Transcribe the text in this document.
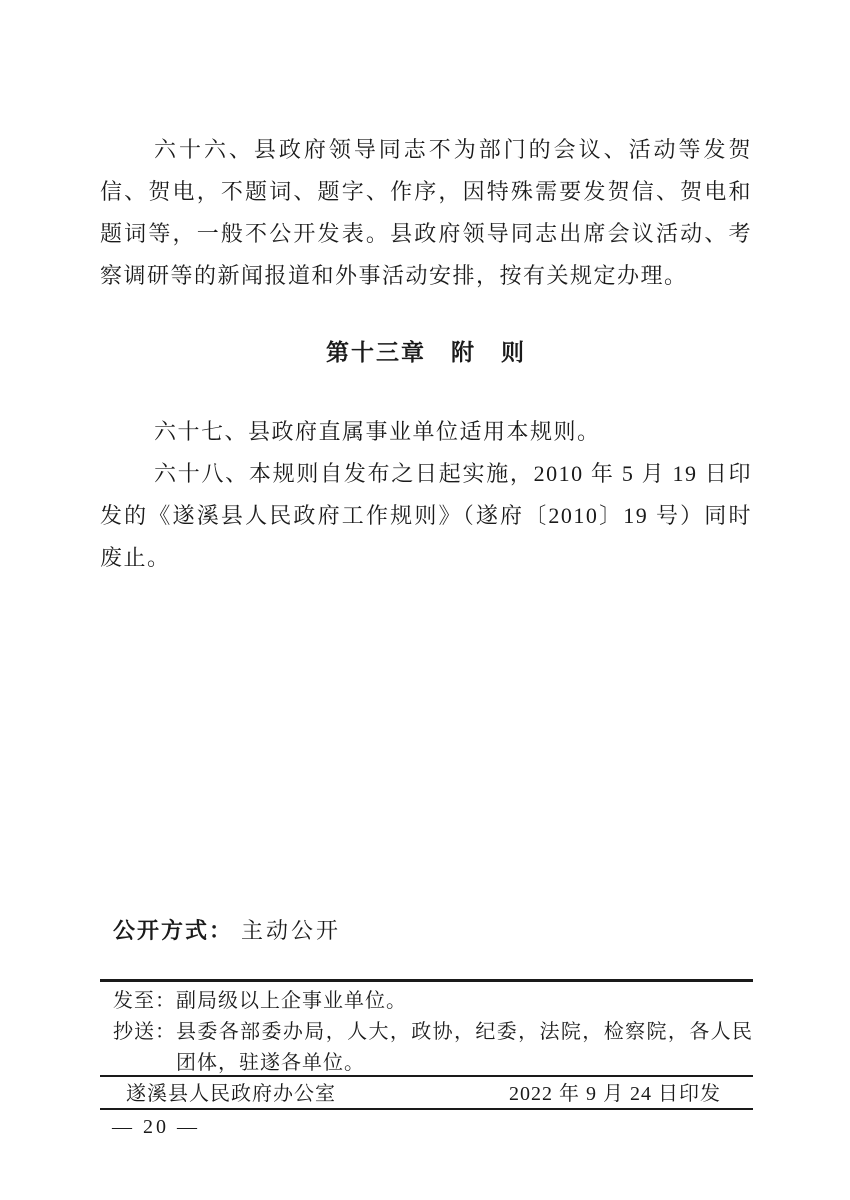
六十六、县政府领导同志不为部门的会议、活动等发贺信、贺电，不题词、题字、作序，因特殊需要发贺信、贺电和题词等，一般不公开发表。县政府领导同志出席会议活动、考察调研等的新闻报道和外事活动安排，按有关规定办理。

第十三章　附　则

六十七、县政府直属事业单位适用本规则。

六十八、本规则自发布之日起实施，2010 年 5 月 19 日印发的《遂溪县人民政府工作规则》（遂府〔2010〕19 号）同时废止。

公开方式： 主动公开
发至： 副局级以上企事业单位。
抄送： 县委各部委办局，人大，政协，纪委，法院，检察院，各人民团体，驻遂各单位。
遂溪县人民政府办公室	2022 年 9 月 24 日印发
— 20 —
